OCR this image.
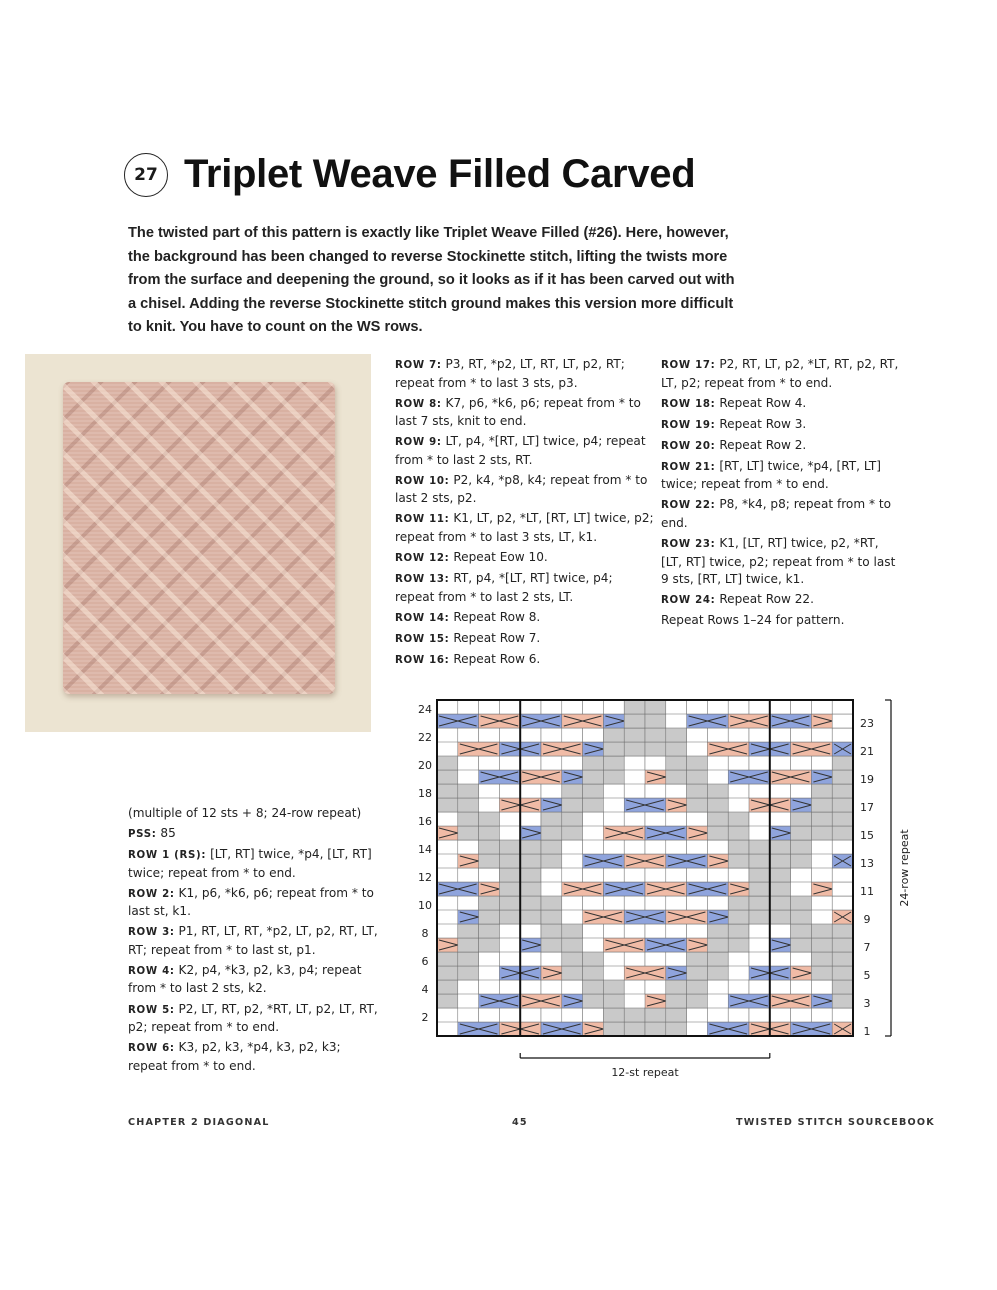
27 Triplet Weave Filled Carved

The twisted part of this pattern is exactly like Triplet Weave Filled (#26). Here, however, the background has been changed to reverse Stockinette stitch, lifting the twists more from the surface and deepening the ground, so it looks as if it has been carved out with a chisel. Adding the reverse Stockinette stitch ground makes this version more difficult to knit. You have to count on the WS rows.

ROW 7: P3, RT, *p2, LT, RT, LT, p2, RT; repeat from * to last 3 sts, p3.

ROW 8: K7, p6, *k6, p6; repeat from * to last 7 sts, knit to end.

ROW 9: LT, p4, *[RT, LT] twice, p4; repeat from * to last 2 sts, RT.

ROW 10: P2, k4, *p8, k4; repeat from * to last 2 sts, p2.

ROW 11: K1, LT, p2, *LT, [RT, LT] twice, p2; repeat from * to last 3 sts, LT, k1.

ROW 12: Repeat Eow 10.

ROW 13: RT, p4, *[LT, RT] twice, p4; repeat from * to last 2 sts, LT.

ROW 14: Repeat Row 8.

ROW 15: Repeat Row 7.

ROW 16: Repeat Row 6.

ROW 17: P2, RT, LT, p2, *LT, RT, p2, RT, LT, p2; repeat from * to end.

ROW 18: Repeat Row 4.

ROW 19: Repeat Row 3.

ROW 20: Repeat Row 2.

ROW 21: [RT, LT] twice, *p4, [RT, LT] twice; repeat from * to end.

ROW 22: P8, *k4, p8; repeat from * to end.

ROW 23: K1, [LT, RT] twice, p2, *RT, [LT, RT] twice, p2; repeat from * to last 9 sts, [RT, LT] twice, k1.

ROW 24: Repeat Row 22.

Repeat Rows 1–24 for pattern.

(multiple of 12 sts + 8; 24-row repeat)

PSS: 85

ROW 1 (RS): [LT, RT] twice, *p4, [LT, RT] twice; repeat from * to end.

ROW 2: K1, p6, *k6, p6; repeat from * to last st, k1.

ROW 3: P1, RT, LT, RT, *p2, LT, p2, RT, LT, RT; repeat from * to last st, p1.

ROW 4: K2, p4, *k3, p2, k3, p4; repeat from * to last 2 sts, k2.

ROW 5: P2, LT, RT, p2, *RT, LT, p2, LT, RT, p2; repeat from * to end.

ROW 6: K3, p2, k3, *p4, k3, p2, k3; repeat from * to end.

24
22
20
18
16
14
12
10
8
6
4
2
23
21
19
17
15
13
11
9
7
5
3
1
24-row repeat
12-st repeat
CHAPTER 2 DIAGONAL	45	TWISTED STITCH SOURCEBOOK
